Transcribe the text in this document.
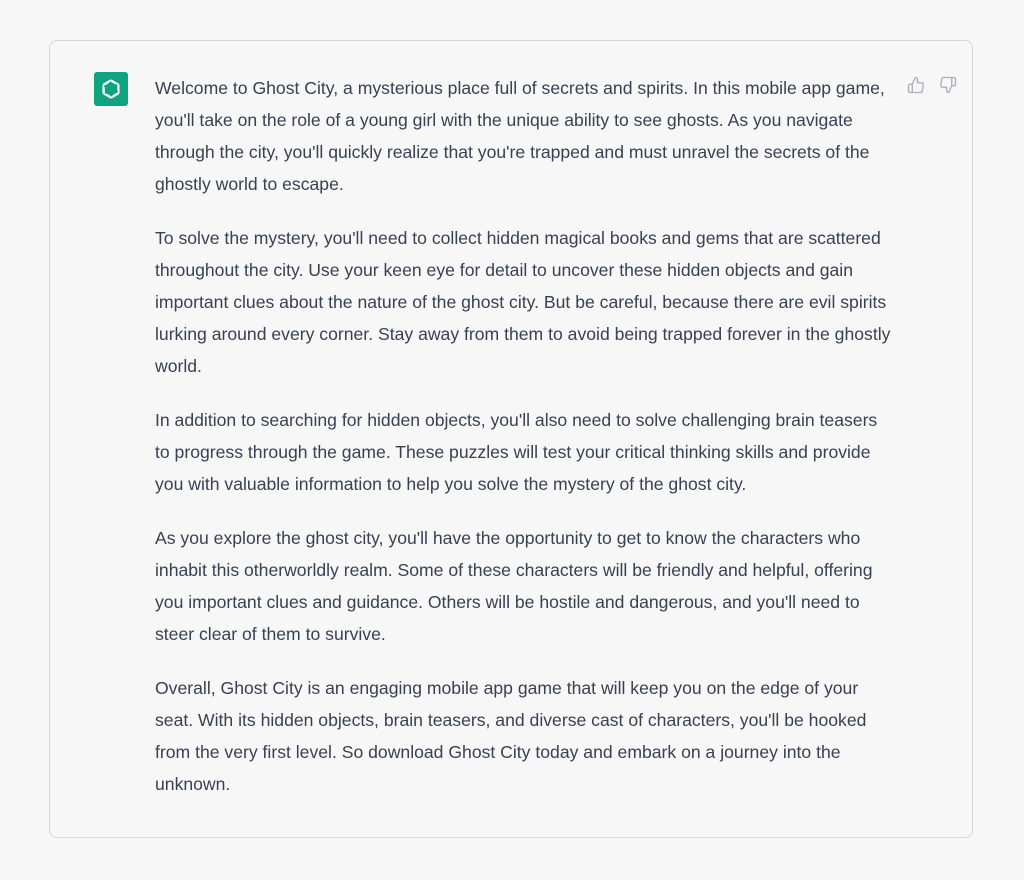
Welcome to Ghost City, a mysterious place full of secrets and spirits. In this mobile app game, you'll take on the role of a young girl with the unique ability to see ghosts. As you navigate through the city, you'll quickly realize that you're trapped and must unravel the secrets of the ghostly world to escape.

To solve the mystery, you'll need to collect hidden magical books and gems that are scattered throughout the city. Use your keen eye for detail to uncover these hidden objects and gain important clues about the nature of the ghost city. But be careful, because there are evil spirits lurking around every corner. Stay away from them to avoid being trapped forever in the ghostly world.

In addition to searching for hidden objects, you'll also need to solve challenging brain teasers to progress through the game. These puzzles will test your critical thinking skills and provide you with valuable information to help you solve the mystery of the ghost city.

As you explore the ghost city, you'll have the opportunity to get to know the characters who inhabit this otherworldly realm. Some of these characters will be friendly and helpful, offering you important clues and guidance. Others will be hostile and dangerous, and you'll need to steer clear of them to survive.

Overall, Ghost City is an engaging mobile app game that will keep you on the edge of your seat. With its hidden objects, brain teasers, and diverse cast of characters, you'll be hooked from the very first level. So download Ghost City today and embark on a journey into the unknown.
